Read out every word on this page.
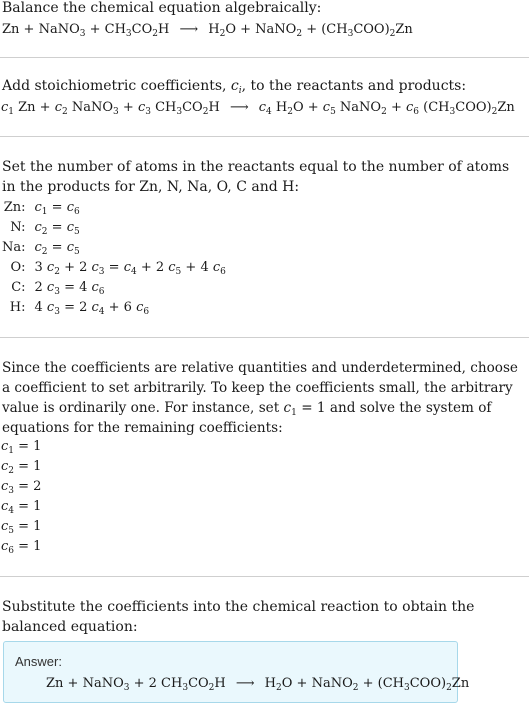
Balance the chemical equation algebraically:
Zn + NaNO$_3$ + $CH_3CO_2H$ ⟶ $H_2O$ + NaNO$_2$ + $(CH_3COO)_2Zn$
Add stoichiometric coefficients, $c_i$, to the reactants and products:
$c_1$ $Zn + c_2$ NaNO$_3$ + $c_3$ $CH_3CO_2H$ ⟶ $c_4$ $H_2O + c_5$ NaNO$_2$ + $c_6$ $(CH_3COO)_2Zn$
Set the number of atoms in the reactants equal to the number of atoms in the products for Zn, N, Na, O, C and H:
Zn:	$c_1 = c_6$
N:	$c_2 = c_5$
Na:	$c_2 = c_5$
O:	3 $c_2 + 2$ $c_3 = c_4 + 2$ $c_5 + 4$ $c_6$
C:	2 $c_3 = 4$ $c_6$
H:	4 $c_3 = 2$ $c_4 + 6$ $c_6$
Since the coefficients are relative quantities and underdetermined, choose a coefficient to set arbitrarily. To keep the coefficients small, the arbitrary value is ordinarily one. For instance, set $c_1 = 1$ and solve the system of equations for the remaining coefficients:
$c_1 = 1$
$c_2 = 1$
$c_3 = 2$
$c_4 = 1$
$c_5 = 1$
$c_6 = 1$
Substitute the coefficients into the chemical reaction to obtain the balanced equation:
Answer:
Zn + NaNO$_3$ + 2 $CH_3CO_2H$ ⟶ $H_2O$ + NaNO$_2$ + $(CH_3COO)_2Zn$
